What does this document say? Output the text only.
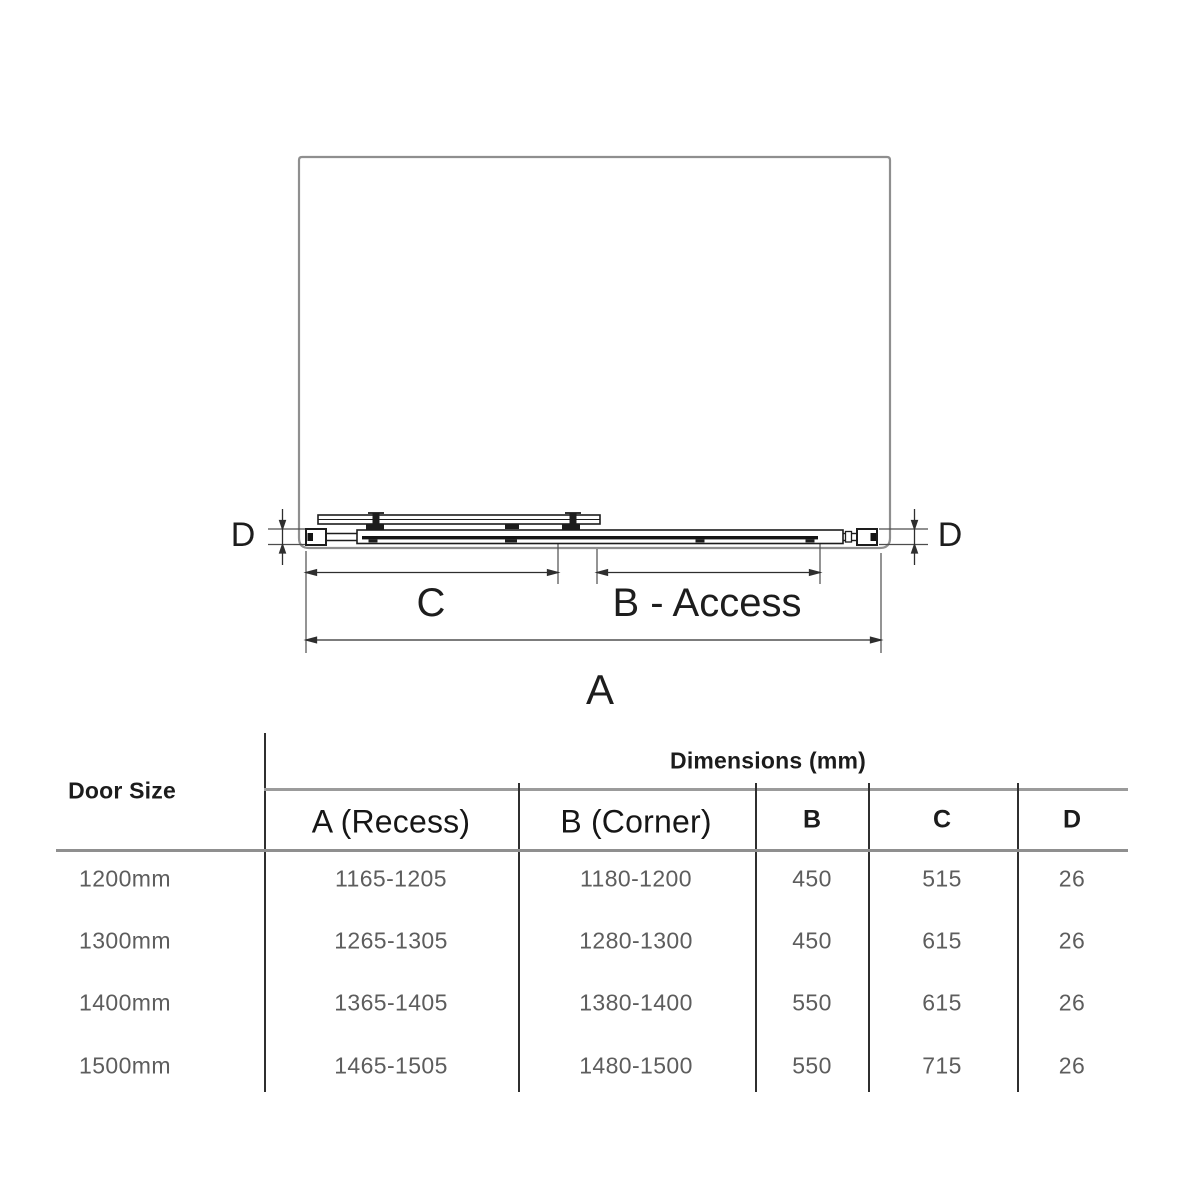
D	D
C	B - Access
A
Door Size
Dimensions (mm)
A (Recess)	B (Corner)	B	C	D
1200mm	1165-1205	1180-1200	450	515	26
1300mm	1265-1305	1280-1300	450	615	26
1400mm	1365-1405	1380-1400	550	615	26
1500mm	1465-1505	1480-1500	550	715	26
